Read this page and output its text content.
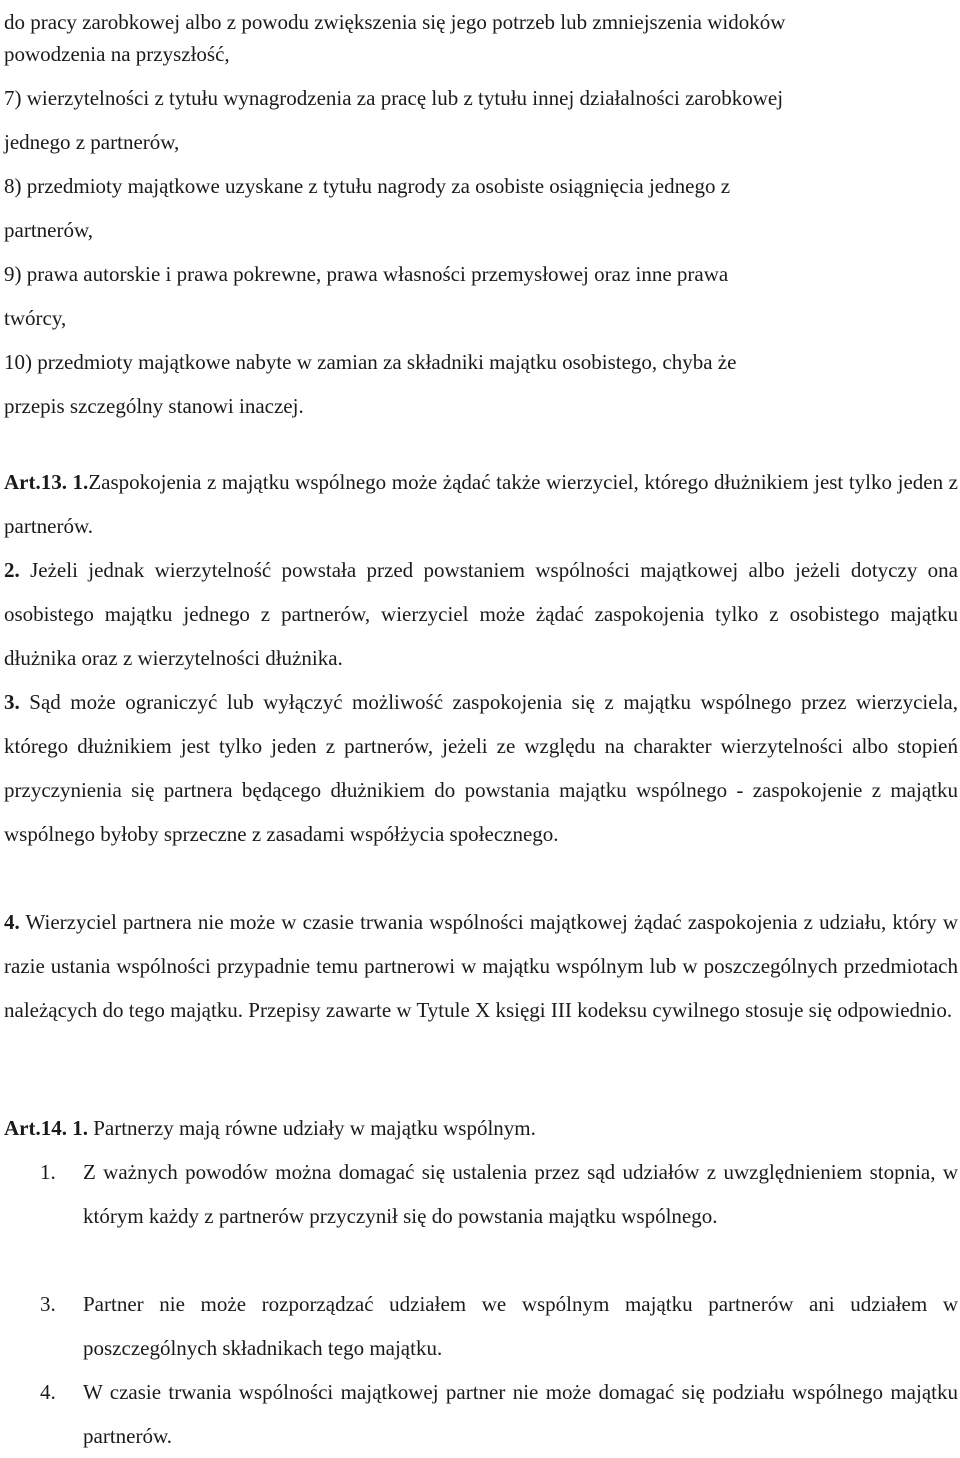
do pracy zarobkowej albo z powodu zwiększenia się jego potrzeb lub zmniejszenia widoków

powodzenia na przyszłość,

7) wierzytelności z tytułu wynagrodzenia za pracę lub z tytułu innej działalności zarobkowej

jednego z partnerów,

8) przedmioty majątkowe uzyskane z tytułu nagrody za osobiste osiągnięcia jednego z

partnerów,

9) prawa autorskie i prawa pokrewne, prawa własności przemysłowej oraz inne prawa

twórcy,

10) przedmioty majątkowe nabyte w zamian za składniki majątku osobistego, chyba że

przepis szczególny stanowi inaczej.

Art.13. 1.Zaspokojenia z majątku wspólnego może żądać także wierzyciel, którego dłużnikiem jest tylko jeden z partnerów.

2. Jeżeli jednak wierzytelność powstała przed powstaniem wspólności majątkowej albo jeżeli dotyczy ona osobistego majątku jednego z partnerów, wierzyciel może żądać zaspokojenia tylko z osobistego majątku dłużnika oraz z wierzytelności dłużnika.

3. Sąd może ograniczyć lub wyłączyć możliwość zaspokojenia się z majątku wspólnego przez wierzyciela, którego dłużnikiem jest tylko jeden z partnerów, jeżeli ze względu na charakter wierzytelności albo stopień przyczynienia się partnera będącego dłużnikiem do powstania majątku wspólnego - zaspokojenie z majątku wspólnego byłoby sprzeczne z zasadami współżycia społecznego.

4. Wierzyciel partnera nie może w czasie trwania wspólności majątkowej żądać zaspokojenia z udziału, który w razie ustania wspólności przypadnie temu partnerowi w majątku wspólnym lub w poszczególnych przedmiotach należących do tego majątku. Przepisy zawarte w Tytule X księgi III kodeksu cywilnego stosuje się odpowiednio.

Art.14. 1. Partnerzy mają równe udziały w majątku wspólnym.

1. Z ważnych powodów można domagać się ustalenia przez sąd udziałów z uwzględnieniem stopnia, w którym każdy z partnerów przyczynił się do powstania majątku wspólnego.
3. Partner nie może rozporządzać udziałem we wspólnym majątku partnerów ani udziałem w poszczególnych składnikach tego majątku.
4. W czasie trwania wspólności majątkowej partner nie może domagać się podziału wspólnego majątku partnerów.
